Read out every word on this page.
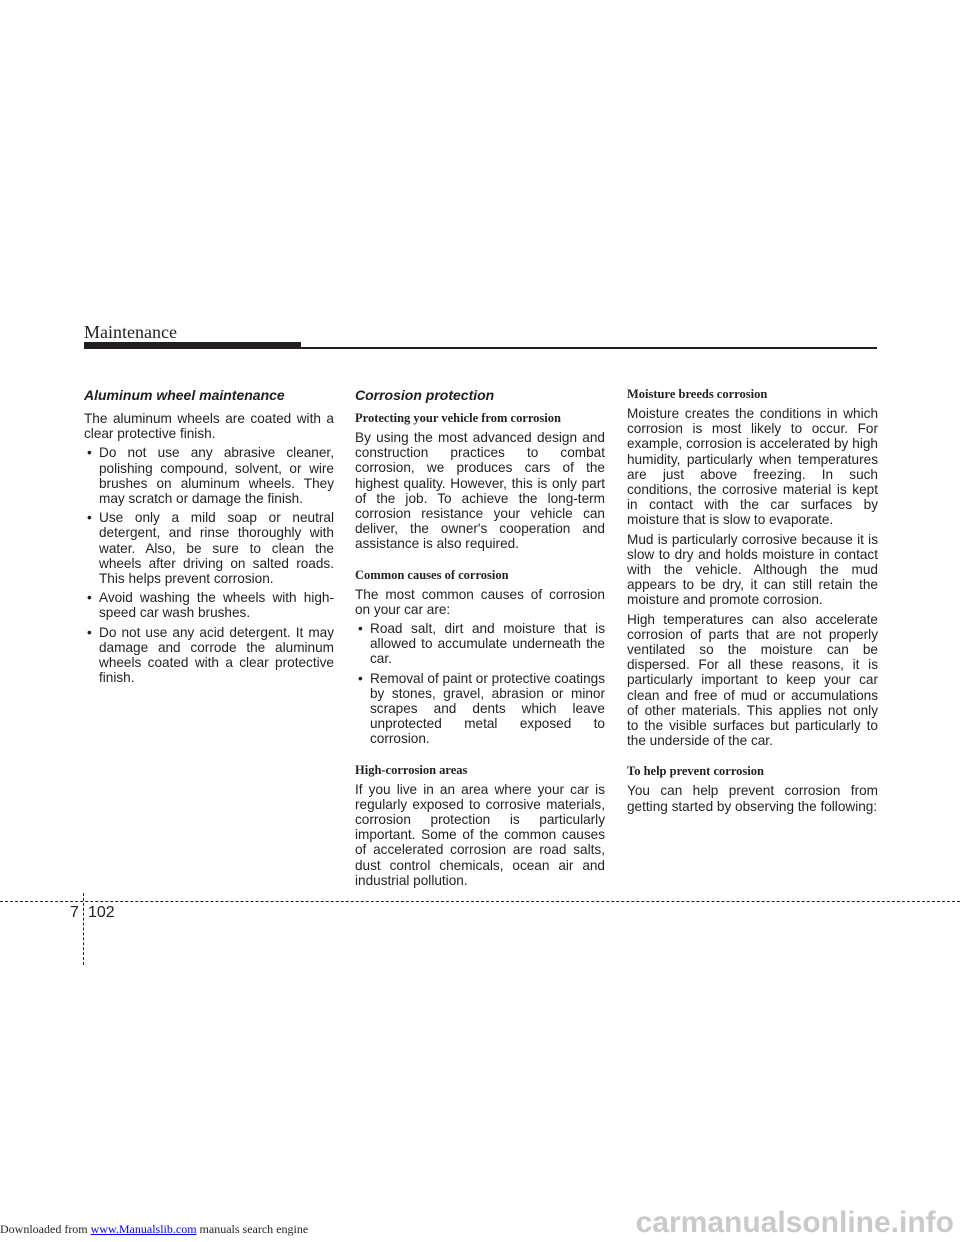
Maintenance
Aluminum wheel maintenance

The aluminum wheels are coated with a clear protective finish.

• Do not use any abrasive cleaner, polishing compound, solvent, or wire brushes on aluminum wheels. They may scratch or damage the finish.
• Use only a mild soap or neutral detergent, and rinse thoroughly with water. Also, be sure to clean the wheels after driving on salted roads. This helps prevent corrosion.
• Avoid washing the wheels with high-speed car wash brushes.
• Do not use any acid detergent. It may damage and corrode the aluminum wheels coated with a clear protective finish.
Corrosion protection
Protecting your vehicle from corrosion

By using the most advanced design and construction practices to combat corrosion, we produces cars of the highest quality. However, this is only part of the job. To achieve the long-term corrosion resistance your vehicle can deliver, the owner's cooperation and assistance is also required.

Common causes of corrosion

The most common causes of corrosion on your car are:

• Road salt, dirt and moisture that is allowed to accumulate underneath the car.
• Removal of paint or protective coatings by stones, gravel, abrasion or minor scrapes and dents which leave unprotected metal exposed to corrosion.
High-corrosion areas

If you live in an area where your car is regularly exposed to corrosive materials, corrosion protection is particularly important. Some of the common causes of accelerated corrosion are road salts, dust control chemicals, ocean air and industrial pollution.

Moisture breeds corrosion

Moisture creates the conditions in which corrosion is most likely to occur. For example, corrosion is accelerated by high humidity, particularly when temperatures are just above freezing. In such conditions, the corrosive material is kept in contact with the car surfaces by moisture that is slow to evaporate.

Mud is particularly corrosive because it is slow to dry and holds moisture in contact with the vehicle. Although the mud appears to be dry, it can still retain the moisture and promote corrosion.

High temperatures can also accelerate corrosion of parts that are not properly ventilated so the moisture can be dispersed. For all these reasons, it is particularly important to keep your car clean and free of mud or accumulations of other materials. This applies not only to the visible surfaces but particularly to the underside of the car.

To help prevent corrosion

You can help prevent corrosion from getting started by observing the following:

7 102
Downloaded from www.Manualslib.com manuals search engine	carmanualsonline.info
